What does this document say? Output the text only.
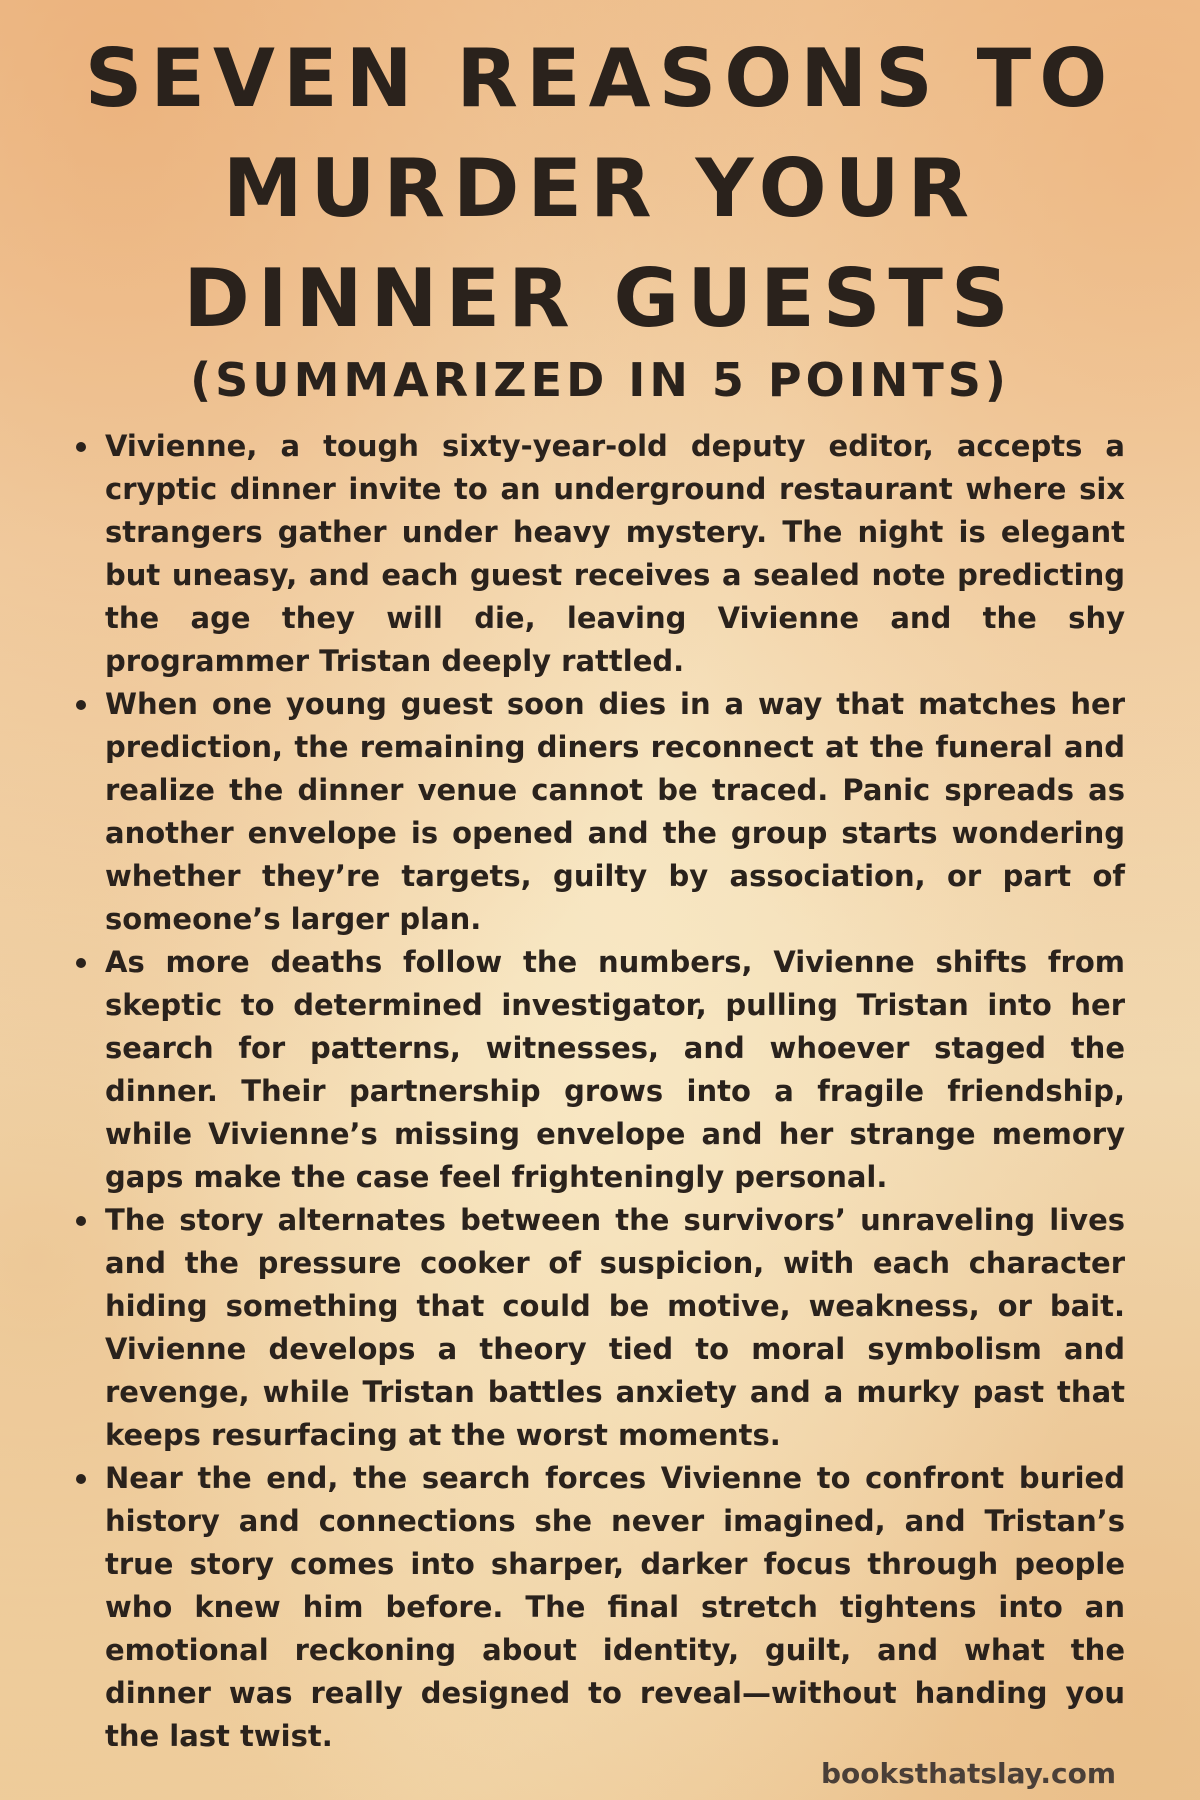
SEVEN REASONS TO MURDER YOUR DINNER GUESTS
(SUMMARIZED IN 5 POINTS)
Vivienne, a tough sixty-year-old deputy editor, accepts a cryptic dinner invite to an underground restaurant where six strangers gather under heavy mystery. The night is elegant but uneasy, and each guest receives a sealed note predicting the age they will die, leaving Vivienne and the shy programmer Tristan deeply rattled.
When one young guest soon dies in a way that matches her prediction, the remaining diners reconnect at the funeral and realize the dinner venue cannot be traced. Panic spreads as another envelope is opened and the group starts wondering whether they’re targets, guilty by association, or part of someone’s larger plan.
As more deaths follow the numbers, Vivienne shifts from skeptic to determined investigator, pulling Tristan into her search for patterns, witnesses, and whoever staged the dinner. Their partnership grows into a fragile friendship, while Vivienne’s missing envelope and her strange memory gaps make the case feel frighteningly personal.
The story alternates between the survivors’ unraveling lives and the pressure cooker of suspicion, with each character hiding something that could be motive, weakness, or bait. Vivienne develops a theory tied to moral symbolism and revenge, while Tristan battles anxiety and a murky past that keeps resurfacing at the worst moments.
Near the end, the search forces Vivienne to confront buried history and connections she never imagined, and Tristan’s true story comes into sharper, darker focus through people who knew him before. The final stretch tightens into an emotional reckoning about identity, guilt, and what the dinner was really designed to reveal—without handing you the last twist.
booksthatslay.com
